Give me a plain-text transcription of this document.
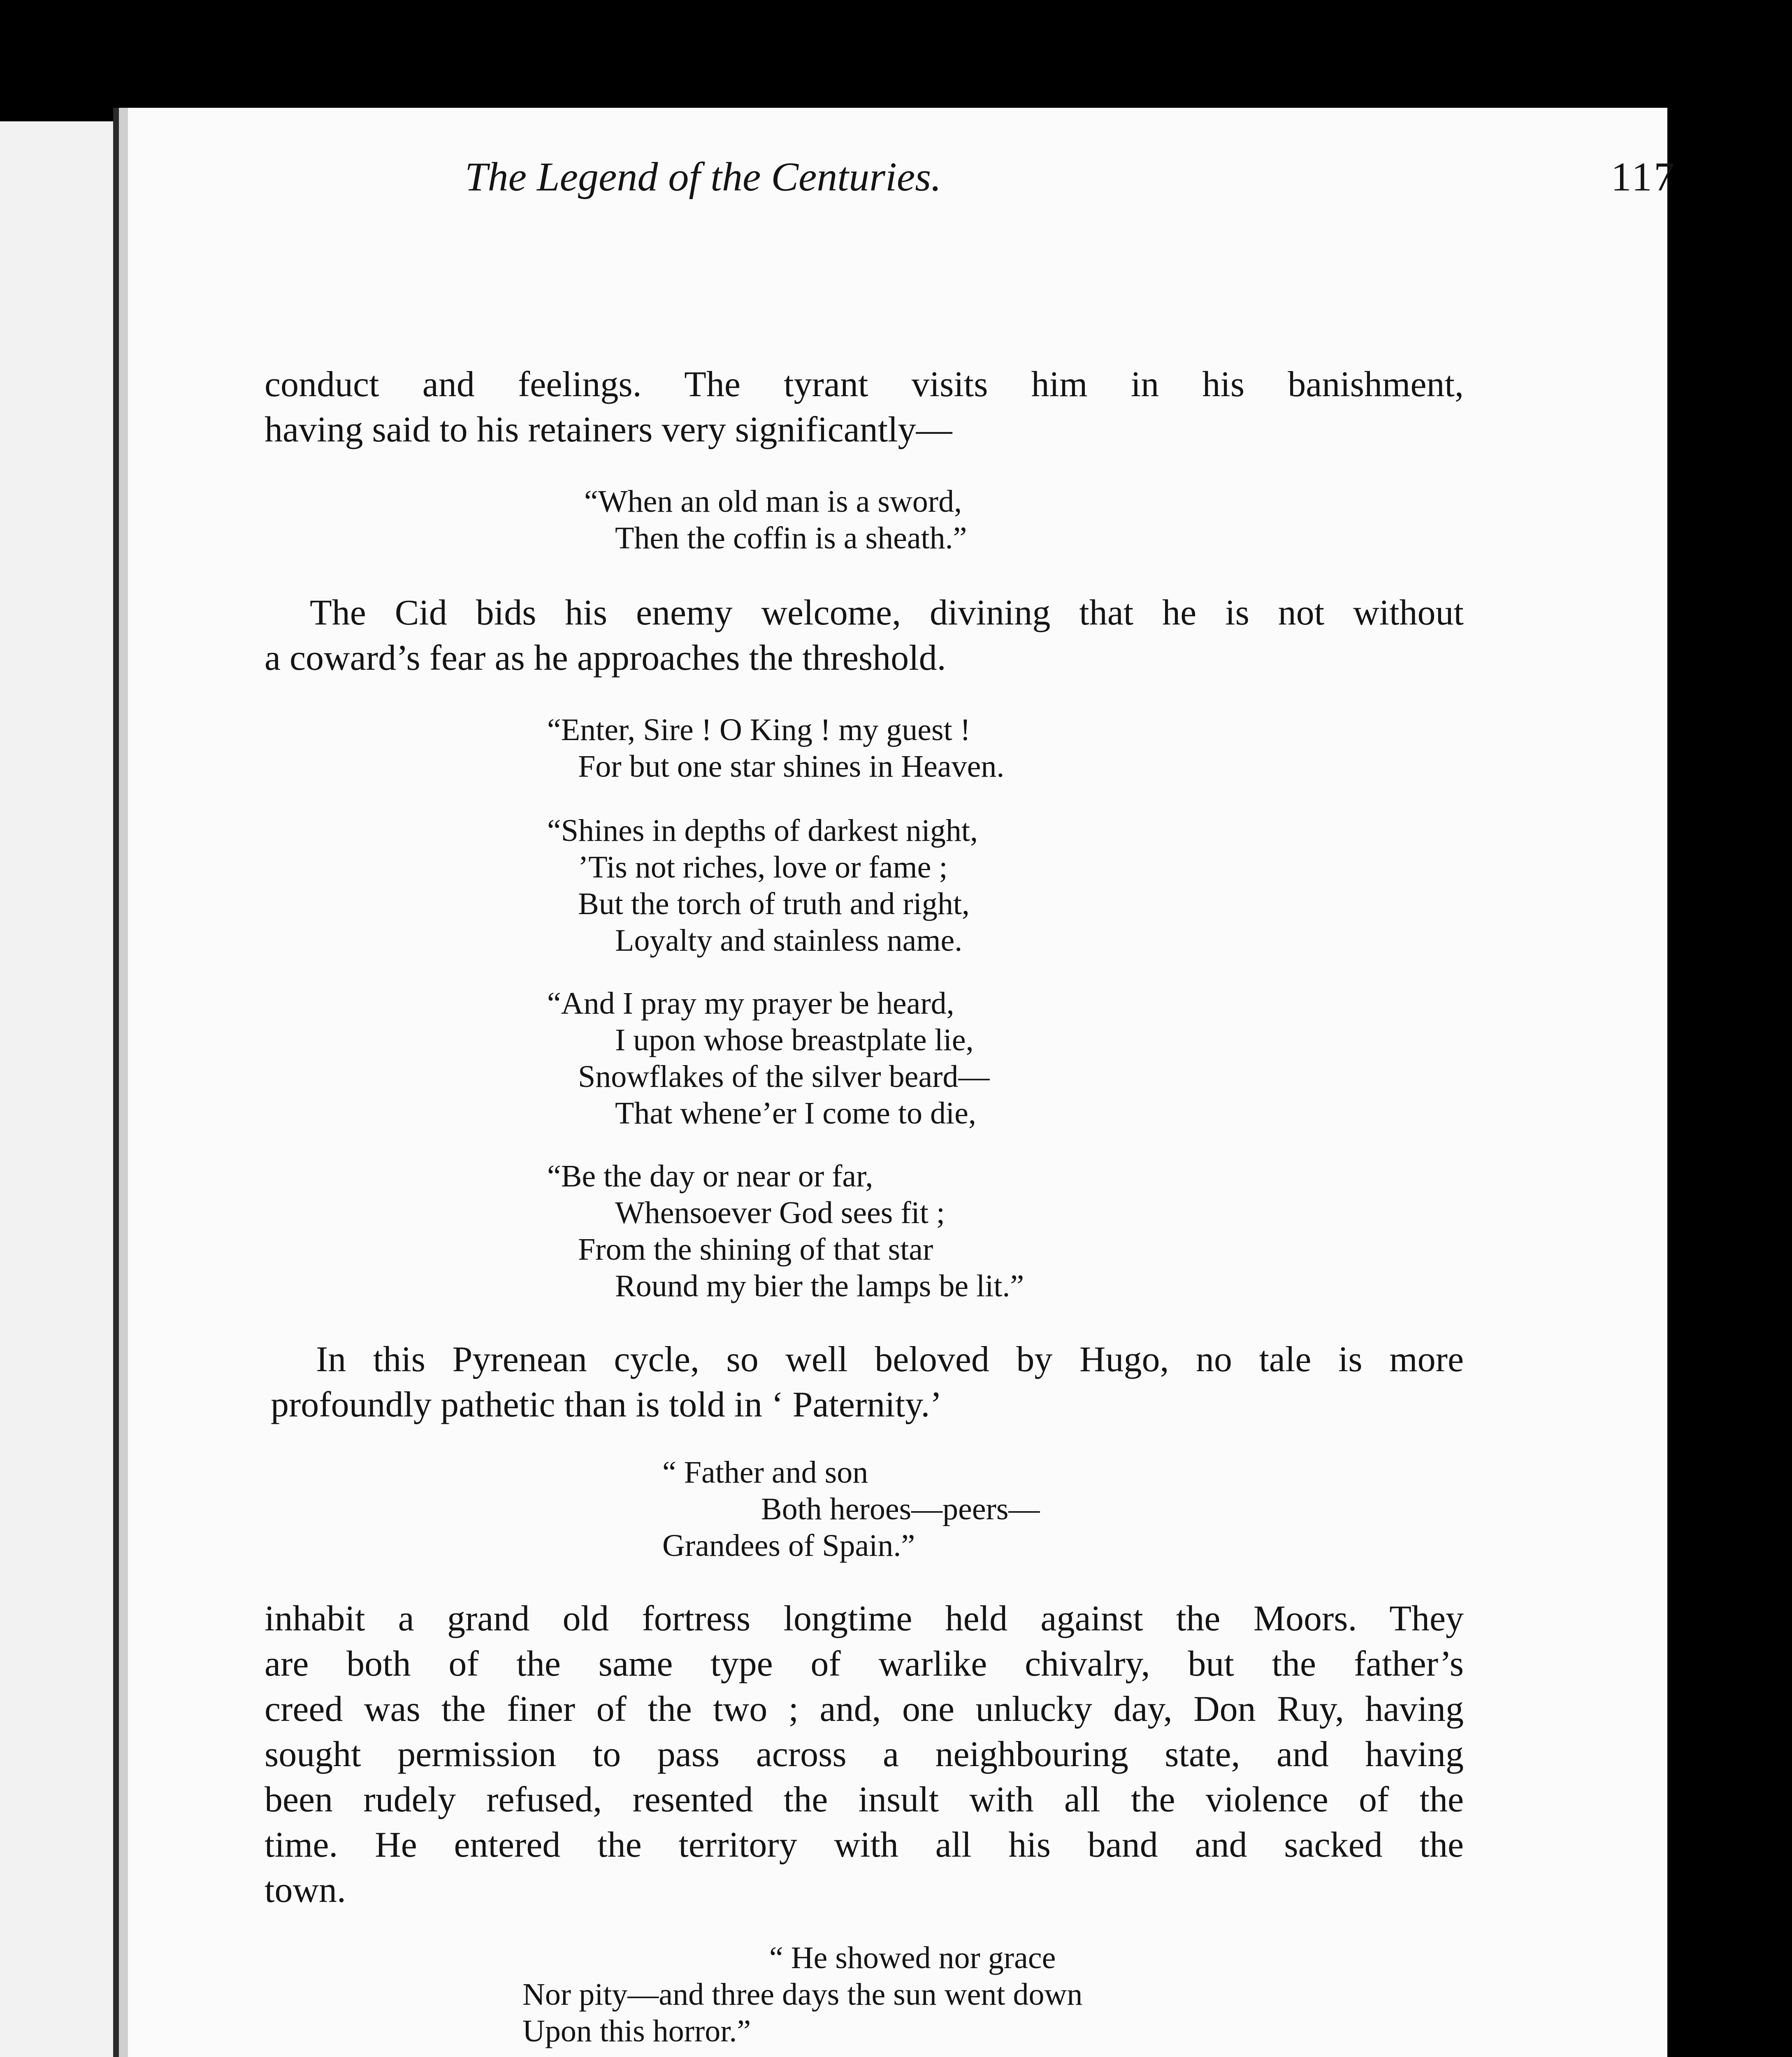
The Legend of the Centuries.	117
conduct and feelings. The tyrant visits him in his banishment,
having said to his retainers very significantly—
“When an old man is a sword,
Then the coffin is a sheath.”
The Cid bids his enemy welcome, divining that he is not without
a coward’s fear as he approaches the threshold.
“Enter, Sire ! O King ! my guest !
For but one star shines in Heaven.
“Shines in depths of darkest night,
’Tis not riches, love or fame ;
But the torch of truth and right,
Loyalty and stainless name.
“And I pray my prayer be heard,
I upon whose breastplate lie,
Snowflakes of the silver beard—
That whene’er I come to die,
“Be the day or near or far,
Whensoever God sees fit ;
From the shining of that star
Round my bier the lamps be lit.”
In this Pyrenean cycle, so well beloved by Hugo, no tale is more
profoundly pathetic than is told in ‘ Paternity.’
“ Father and son
Both heroes—peers—
Grandees of Spain.”
inhabit a grand old fortress longtime held against the Moors. They
are both of the same type of warlike chivalry, but the father’s
creed was the finer of the two ; and, one unlucky day, Don Ruy, having
sought permission to pass across a neighbouring state, and having
been rudely refused, resented the insult with all the violence of the
time. He entered the territory with all his band and sacked the
town.
“ He showed nor grace
Nor pity—and three days the sun went down
Upon this horror.”
